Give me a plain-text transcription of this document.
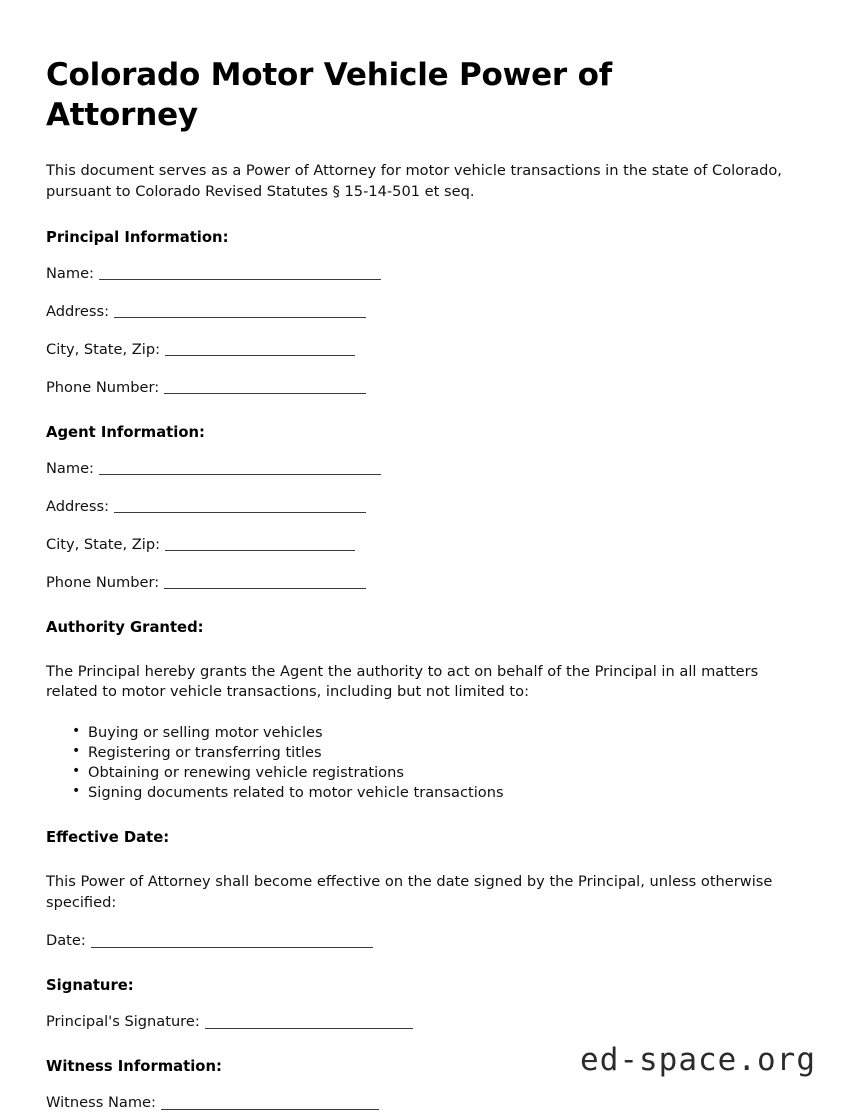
Colorado Motor Vehicle Power of Attorney

This document serves as a Power of Attorney for motor vehicle transactions in the state of Colorado, pursuant to Colorado Revised Statutes § 15-14-501 et seq.

Principal Information:

Name:

Address:

City, State, Zip:

Phone Number:

Agent Information:

Name:

Address:

City, State, Zip:

Phone Number:

Authority Granted:

The Principal hereby grants the Agent the authority to act on behalf of the Principal in all matters related to motor vehicle transactions, including but not limited to:

• Buying or selling motor vehicles
• Registering or transferring titles
• Obtaining or renewing vehicle registrations
• Signing documents related to motor vehicle transactions
Effective Date:

This Power of Attorney shall become effective on the date signed by the Principal, unless otherwise specified:

Date:

Signature:

Principal's Signature:

Witness Information:

Witness Name:

ed-space.org
